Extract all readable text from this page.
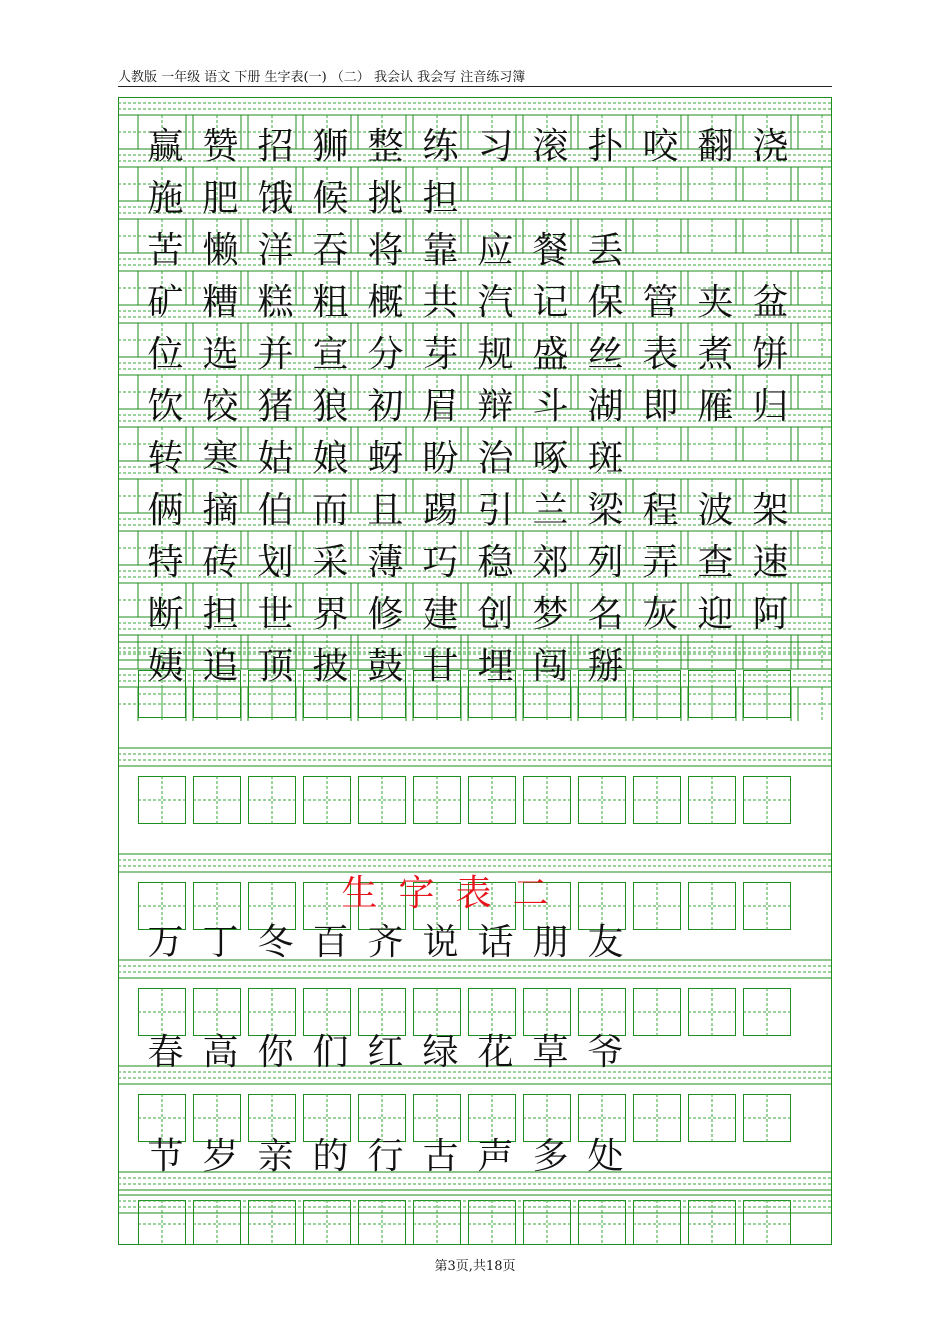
人教版 一年级 语文 下册 生字表(一) （二） 我会认 我会写 注音练习簿
赢 赞 招 狮 整 练 习 滚 扑 咬 翻 浇
施 肥 饿 候 挑 担
苦 懒 洋 吞 将 靠 应 餐 丢
矿 糟 糕 粗 概 共 汽 记 保 管 夹 盆
位 选 并 宣 分 芽 规 盛 丝 表 煮 饼
饮 饺 猪 狼 初 眉 辩 斗 湖 即 雁 归
转 寒 姑 娘 蚜 盼 治 啄 斑
俩 摘 伯 而 且 踢 引 兰 梁 程 波 架
特 砖 划 采 薄 巧 稳 郊 列 弄 查 速
断 担 世 界 修 建 创 梦 名 灰 迎 阿
姨 追 顶 披 鼓 甘 埋 闯 掰
万 丁 冬 百 齐 说 话 朋 友
春 高 你 们 红 绿 花 草 爷
节 岁 亲 的 行 古 声 多 处
生 字 表 二
第3页,共18页
